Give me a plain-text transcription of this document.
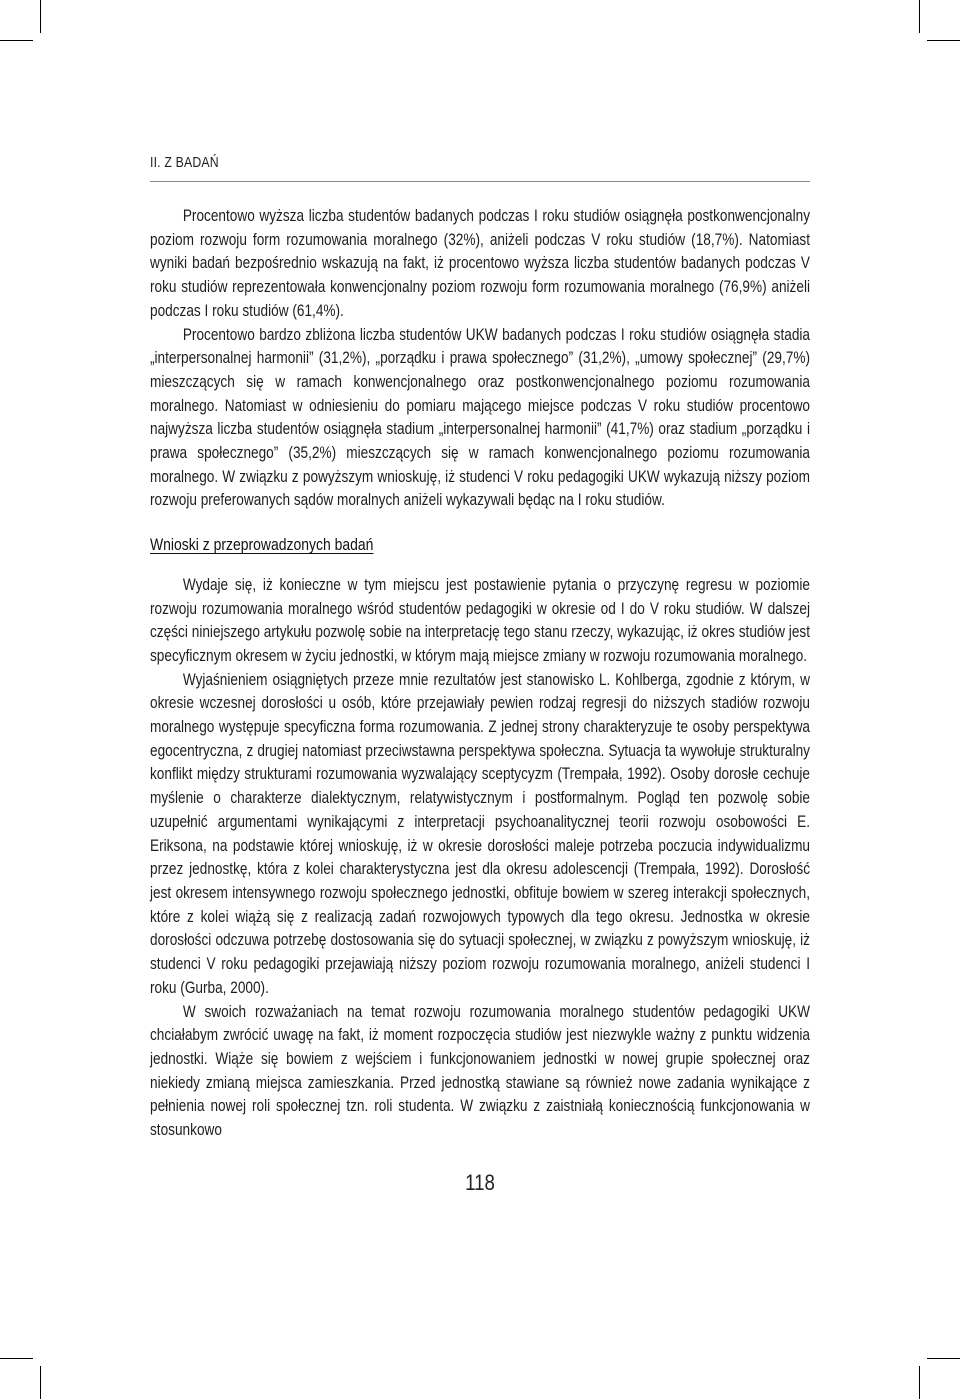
II. Z BADAŃ

Procentowo wyższa liczba studentów badanych podczas I roku studiów osiągnęła postkonwencjonalny poziom rozwoju form rozumowania moralnego (32%), aniżeli podczas V roku studiów (18,7%). Natomiast wyniki badań bezpośrednio wskazują na fakt, iż procentowo wyższa liczba studentów badanych podczas V roku studiów reprezentowała konwencjonalny poziom rozwoju form rozumowania moralnego (76,9%) aniżeli podczas I roku studiów (61,4%).

Procentowo bardzo zbliżona liczba studentów UKW badanych podczas I roku studiów osiągnęła stadia „interpersonalnej harmonii” (31,2%), „porządku i prawa społecznego” (31,2%), „umowy społecznej” (29,7%) mieszczących się w ramach konwencjonalnego oraz postkonwencjonalnego poziomu rozumowania moralnego. Natomiast w odniesieniu do pomiaru mającego miejsce podczas V roku studiów procentowo najwyższa liczba studentów osiągnęła stadium „interpersonalnej harmonii” (41,7%) oraz stadium „porządku i prawa społecznego” (35,2%) mieszczących się w ramach konwencjonalnego poziomu rozumowania moralnego. W związku z powyższym wnioskuję, iż studenci V roku pedagogiki UKW wykazują niższy poziom rozwoju preferowanych sądów moralnych aniżeli wykazywali będąc na I roku studiów.

Wnioski z przeprowadzonych badań

Wydaje się, iż konieczne w tym miejscu jest postawienie pytania o przyczynę regresu w poziomie rozwoju rozumowania moralnego wśród studentów pedagogiki w okresie od I do V roku studiów. W dalszej części niniejszego artykułu pozwolę sobie na interpretację tego stanu rzeczy, wykazując, iż okres studiów jest specyficznym okresem w życiu jednostki, w którym mają miejsce zmiany w rozwoju rozumowania moralnego.

Wyjaśnieniem osiągniętych przeze mnie rezultatów jest stanowisko L. Kohlberga, zgodnie z którym, w okresie wczesnej dorosłości u osób, które przejawiały pewien rodzaj regresji do niższych stadiów rozwoju moralnego występuje specyficzna forma rozumowania. Z jednej strony charakteryzuje te osoby perspektywa egocentryczna, z drugiej natomiast przeciwstawna perspektywa społeczna. Sytuacja ta wywołuje strukturalny konflikt między strukturami rozumowania wyzwalający sceptycyzm (Trempała, 1992). Osoby dorosłe cechuje myślenie o charakterze dialektycznym, relatywistycznym i postformalnym. Pogląd ten pozwolę sobie uzupełnić argumentami wynikającymi z interpretacji psychoanalitycznej teorii rozwoju osobowości E. Eriksona, na podstawie której wnioskuję, iż w okresie dorosłości maleje potrzeba poczucia indywidualizmu przez jednostkę, która z kolei charakterystyczna jest dla okresu adolescencji (Trempała, 1992). Dorosłość jest okresem intensywnego rozwoju społecznego jednostki, obfituje bowiem w szereg interakcji społecznych, które z kolei wiążą się z realizacją zadań rozwojowych typowych dla tego okresu. Jednostka w okresie dorosłości odczuwa potrzebę dostosowania się do sytuacji społecznej, w związku z powyższym wnioskuję, iż studenci V roku pedagogiki przejawiają niższy poziom rozwoju rozumowania moralnego, aniżeli studenci I roku (Gurba, 2000).

W swoich rozważaniach na temat rozwoju rozumowania moralnego studentów pedagogiki UKW chciałabym zwrócić uwagę na fakt, iż moment rozpoczęcia studiów jest niezwykle ważny z punktu widzenia jednostki. Wiąże się bowiem z wejściem i funkcjonowaniem jednostki w nowej grupie społecznej oraz niekiedy zmianą miejsca zamieszkania. Przed jednostką stawiane są również nowe zadania wynikające z pełnienia nowej roli społecznej tzn. roli studenta. W związku z zaistniałą koniecznością funkcjonowania w stosunkowo

118
